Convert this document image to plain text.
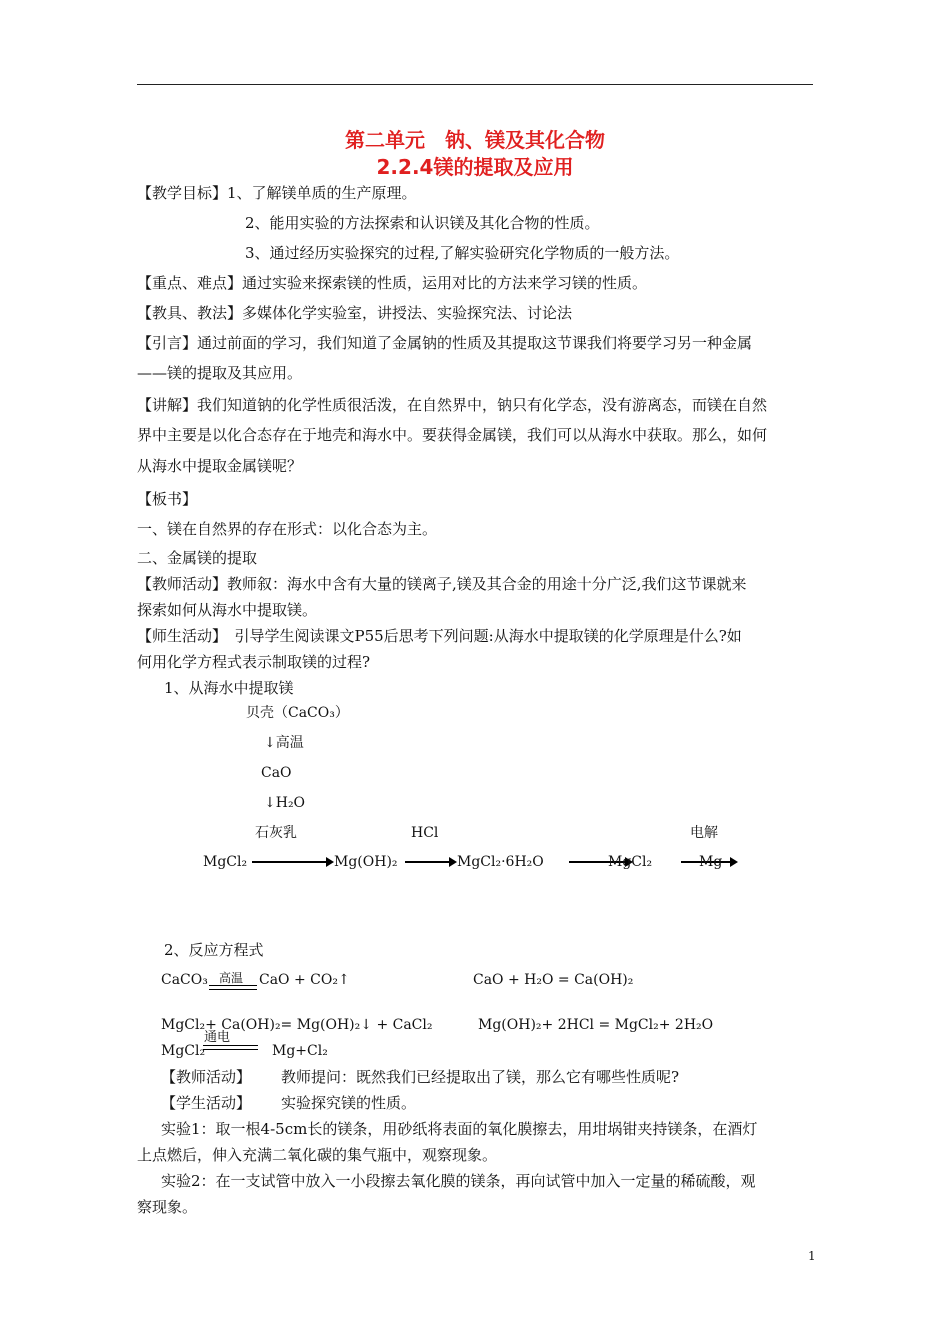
第二单元　钠、镁及其化合物
2.2.4镁的提取及应用
【教学目标】1、了解镁单质的生产原理。
2、能用实验的方法探索和认识镁及其化合物的性质。
3、通过经历实验探究的过程,了解实验研究化学物质的一般方法。
【重点、难点】通过实验来探索镁的性质，运用对比的方法来学习镁的性质。
【教具、教法】多媒体化学实验室，讲授法、实验探究法、讨论法
【引言】通过前面的学习，我们知道了金属钠的性质及其提取这节课我们将要学习另一种金属
——镁的提取及其应用。
【讲解】我们知道钠的化学性质很活泼，在自然界中，钠只有化学态，没有游离态，而镁在自然
界中主要是以化合态存在于地壳和海水中。要获得金属镁，我们可以从海水中获取。那么，如何
从海水中提取金属镁呢？
【板书】
一、镁在自然界的存在形式：以化合态为主。
二、金属镁的提取
【教师活动】教师叙：海水中含有大量的镁离子,镁及其合金的用途十分广泛,我们这节课就来
探索如何从海水中提取镁。
【师生活动】　引导学生阅读课文P55后思考下列问题:从海水中提取镁的化学原理是什么?如
何用化学方程式表示制取镁的过程?
1、从海水中提取镁
贝壳（CaCO₃）
↓高温
CaO
↓H₂O
石灰乳	HCl	电解
MgCl₂	Mg(OH)₂	MgCl₂·6H₂O	MgCl₂	Mg
2、反应方程式
CaCO₃ 高温 CaO + CO₂↑	CaO + H₂O = Ca(OH)₂
MgCl₂+ Ca(OH)₂= Mg(OH)₂↓ + CaCl₂	Mg(OH)₂+ 2HCl = MgCl₂+ 2H₂O
MgCl₂
通电
Mg+Cl₂
【教师活动】 教师提问：既然我们已经提取出了镁，那么它有哪些性质呢?
【学生活动】 实验探究镁的性质。
实验1：取一根4-5cm长的镁条，用砂纸将表面的氧化膜擦去，用坩埚钳夹持镁条，在酒灯
上点燃后，伸入充满二氧化碳的集气瓶中，观察现象。
实验2：在一支试管中放入一小段擦去氧化膜的镁条，再向试管中加入一定量的稀硫酸，观
察现象。
1
